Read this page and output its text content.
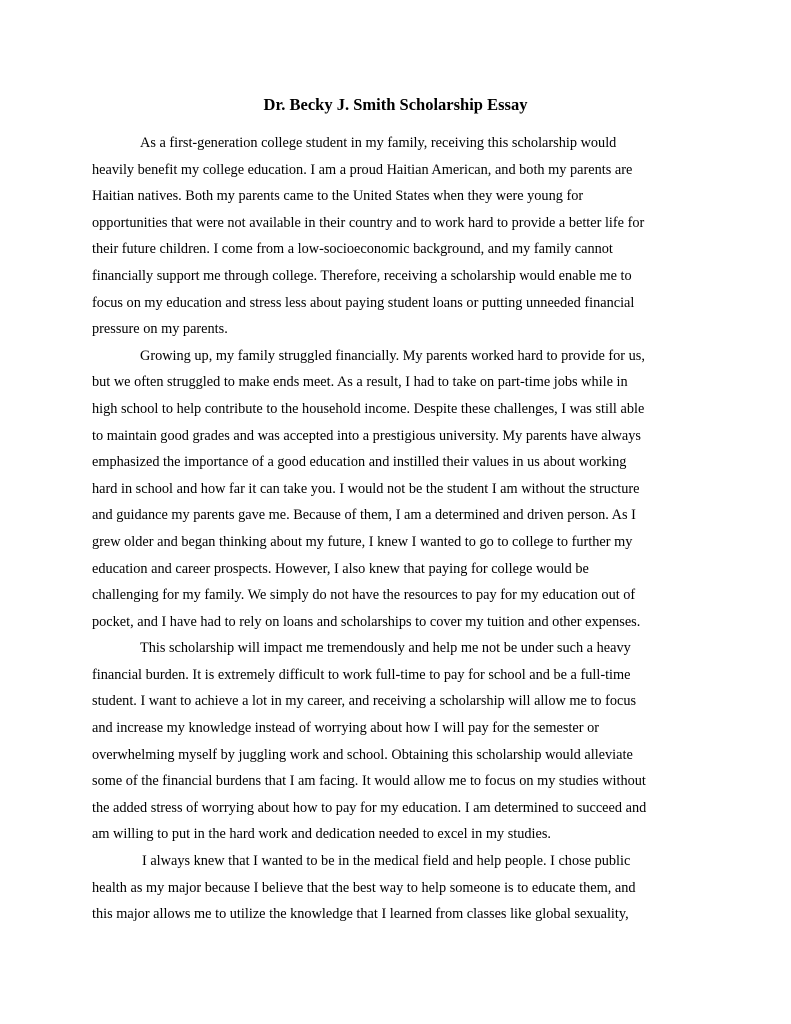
Dr. Becky J. Smith Scholarship Essay

As a first-generation college student in my family, receiving this scholarship would
heavily benefit my college education. I am a proud Haitian American, and both my parents are
Haitian natives. Both my parents came to the United States when they were young for
opportunities that were not available in their country and to work hard to provide a better life for
their future children. I come from a low-socioeconomic background, and my family cannot
financially support me through college. Therefore, receiving a scholarship would enable me to
focus on my education and stress less about paying student loans or putting unneeded financial
pressure on my parents.

Growing up, my family struggled financially. My parents worked hard to provide for us,
but we often struggled to make ends meet. As a result, I had to take on part-time jobs while in
high school to help contribute to the household income. Despite these challenges, I was still able
to maintain good grades and was accepted into a prestigious university. My parents have always
emphasized the importance of a good education and instilled their values in us about working
hard in school and how far it can take you. I would not be the student I am without the structure
and guidance my parents gave me. Because of them, I am a determined and driven person. As I
grew older and began thinking about my future, I knew I wanted to go to college to further my
education and career prospects. However, I also knew that paying for college would be
challenging for my family. We simply do not have the resources to pay for my education out of
pocket, and I have had to rely on loans and scholarships to cover my tuition and other expenses.

This scholarship will impact me tremendously and help me not be under such a heavy
financial burden. It is extremely difficult to work full-time to pay for school and be a full-time
student. I want to achieve a lot in my career, and receiving a scholarship will allow me to focus
and increase my knowledge instead of worrying about how I will pay for the semester or
overwhelming myself by juggling work and school. Obtaining this scholarship would alleviate
some of the financial burdens that I am facing. It would allow me to focus on my studies without
the added stress of worrying about how to pay for my education. I am determined to succeed and
am willing to put in the hard work and dedication needed to excel in my studies.

I always knew that I wanted to be in the medical field and help people. I chose public
health as my major because I believe that the best way to help someone is to educate them, and
this major allows me to utilize the knowledge that I learned from classes like global sexuality,
